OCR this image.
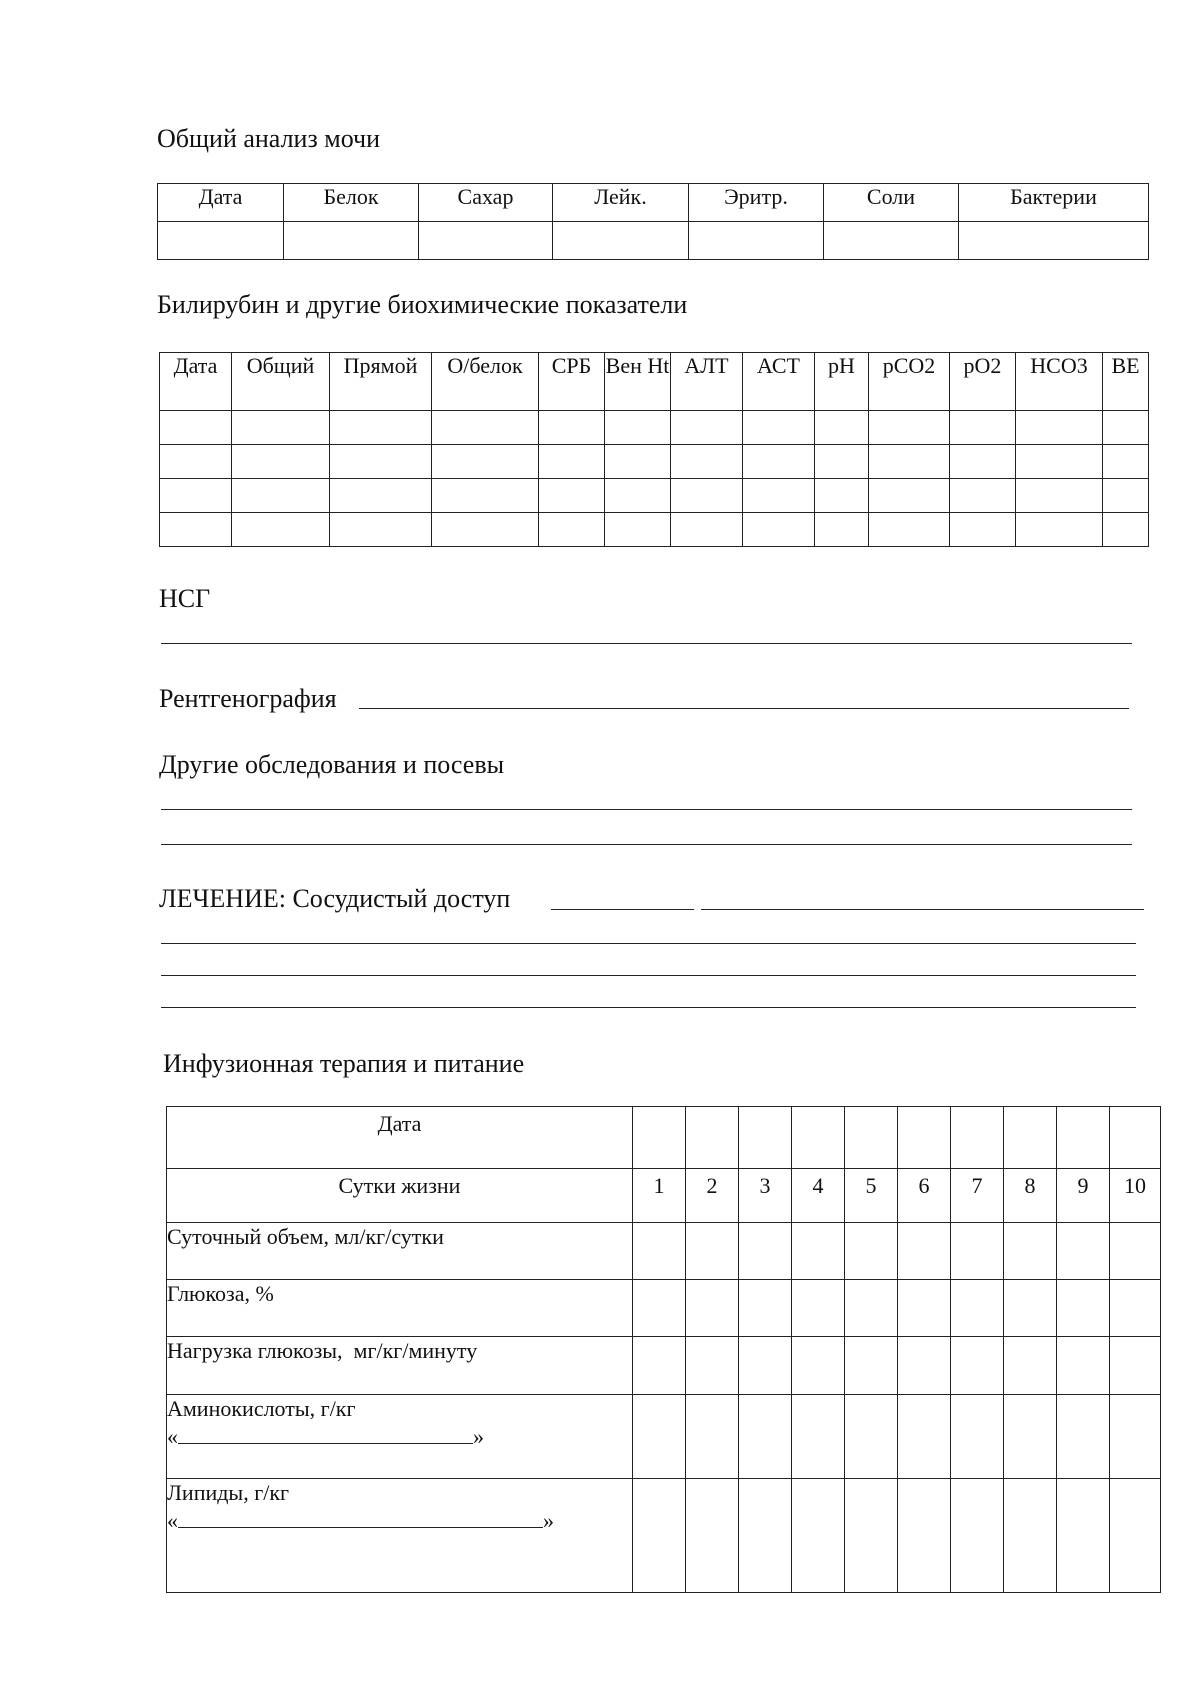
Общий анализ мочи
Дата	Белок	Сахар	Лейк.	Эритр.	Соли	Бактерии

Билирубин и другие биохимические показатели
Дата	Общий	Прямой	О/белок	СРБ	Вен Ht	АЛТ	АСТ	pH	pCO2	pO2	HCO3	BE

НСГ
Рентгенография
Другие обследования и посевы
ЛЕЧЕНИЕ: Сосудистый доступ
Инфузионная терапия и питание
Дата										
Сутки жизни	1	2	3	4	5	6	7	8	9	10
Суточный объем, мл/кг/сутки										
Глюкоза, %										
Нагрузка глюкозы,  мг/кг/минуту										

Аминокислоты, г/кг
« »										

Липиды, г/кг
« »										
